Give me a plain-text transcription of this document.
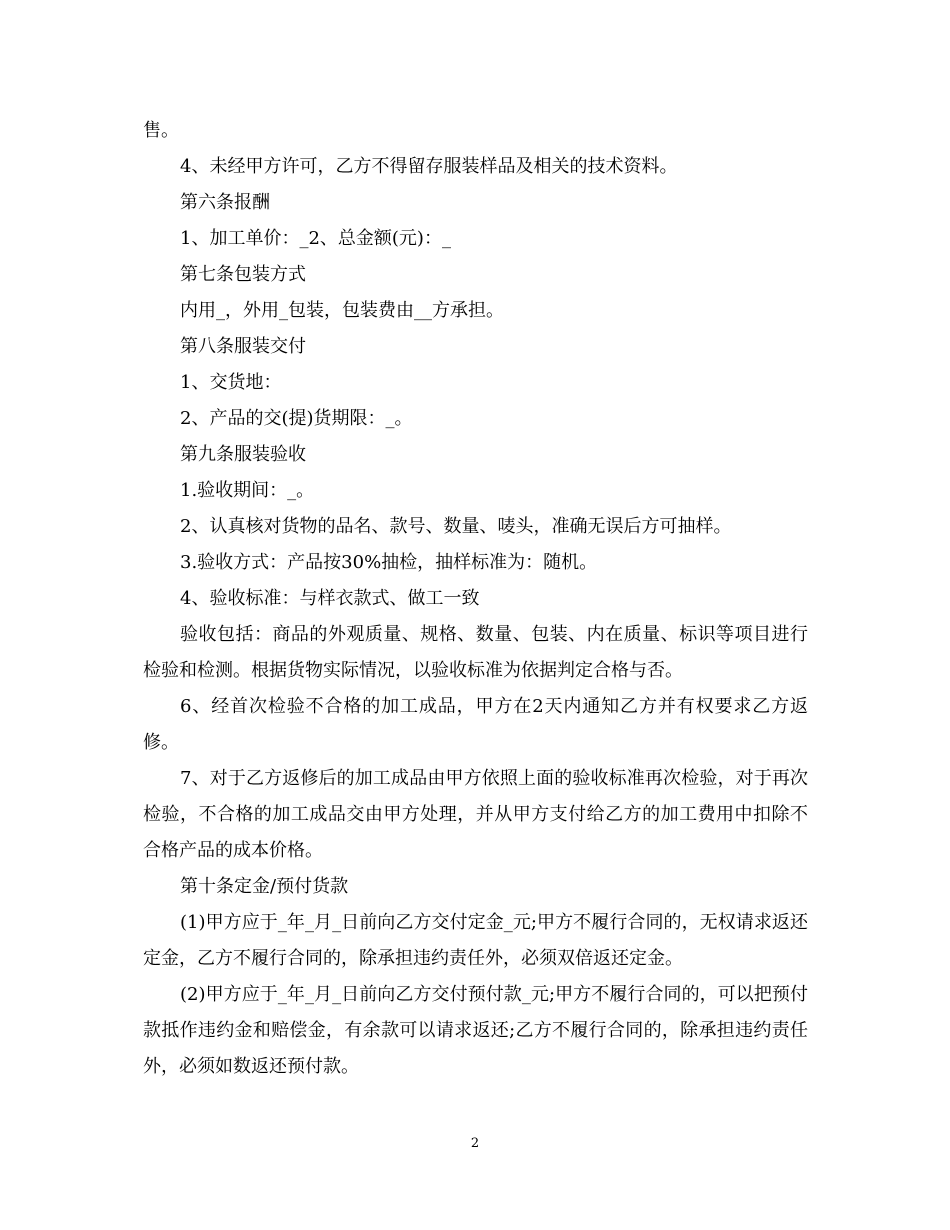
售。

4、未经甲方许可，乙方不得留存服装样品及相关的技术资料。

第六条报酬

1、加工单价：_2、总金额(元)：_

第七条包装方式

内用_，外用_包装，包装费由__方承担。

第八条服装交付

1、交货地：

2、产品的交(提)货期限：_。

第九条服装验收

1.验收期间：_。

2、认真核对货物的品名、款号、数量、唛头，准确无误后方可抽样。

3.验收方式：产品按30%抽检，抽样标准为：随机。

4、验收标准：与样衣款式、做工一致

验收包括：商品的外观质量、规格、数量、包装、内在质量、标识等项目进行检验和检测。根据货物实际情况，以验收标准为依据判定合格与否。

6、经首次检验不合格的加工成品，甲方在2天内通知乙方并有权要求乙方返修。

7、对于乙方返修后的加工成品由甲方依照上面的验收标准再次检验，对于再次检验，不合格的加工成品交由甲方处理，并从甲方支付给乙方的加工费用中扣除不合格产品的成本价格。

第十条定金/预付货款

(1)甲方应于_年_月_日前向乙方交付定金_元;甲方不履行合同的，无权请求返还定金，乙方不履行合同的，除承担违约责任外，必须双倍返还定金。

(2)甲方应于_年_月_日前向乙方交付预付款_元;甲方不履行合同的，可以把预付款抵作违约金和赔偿金，有余款可以请求返还;乙方不履行合同的，除承担违约责任外，必须如数返还预付款。

2
